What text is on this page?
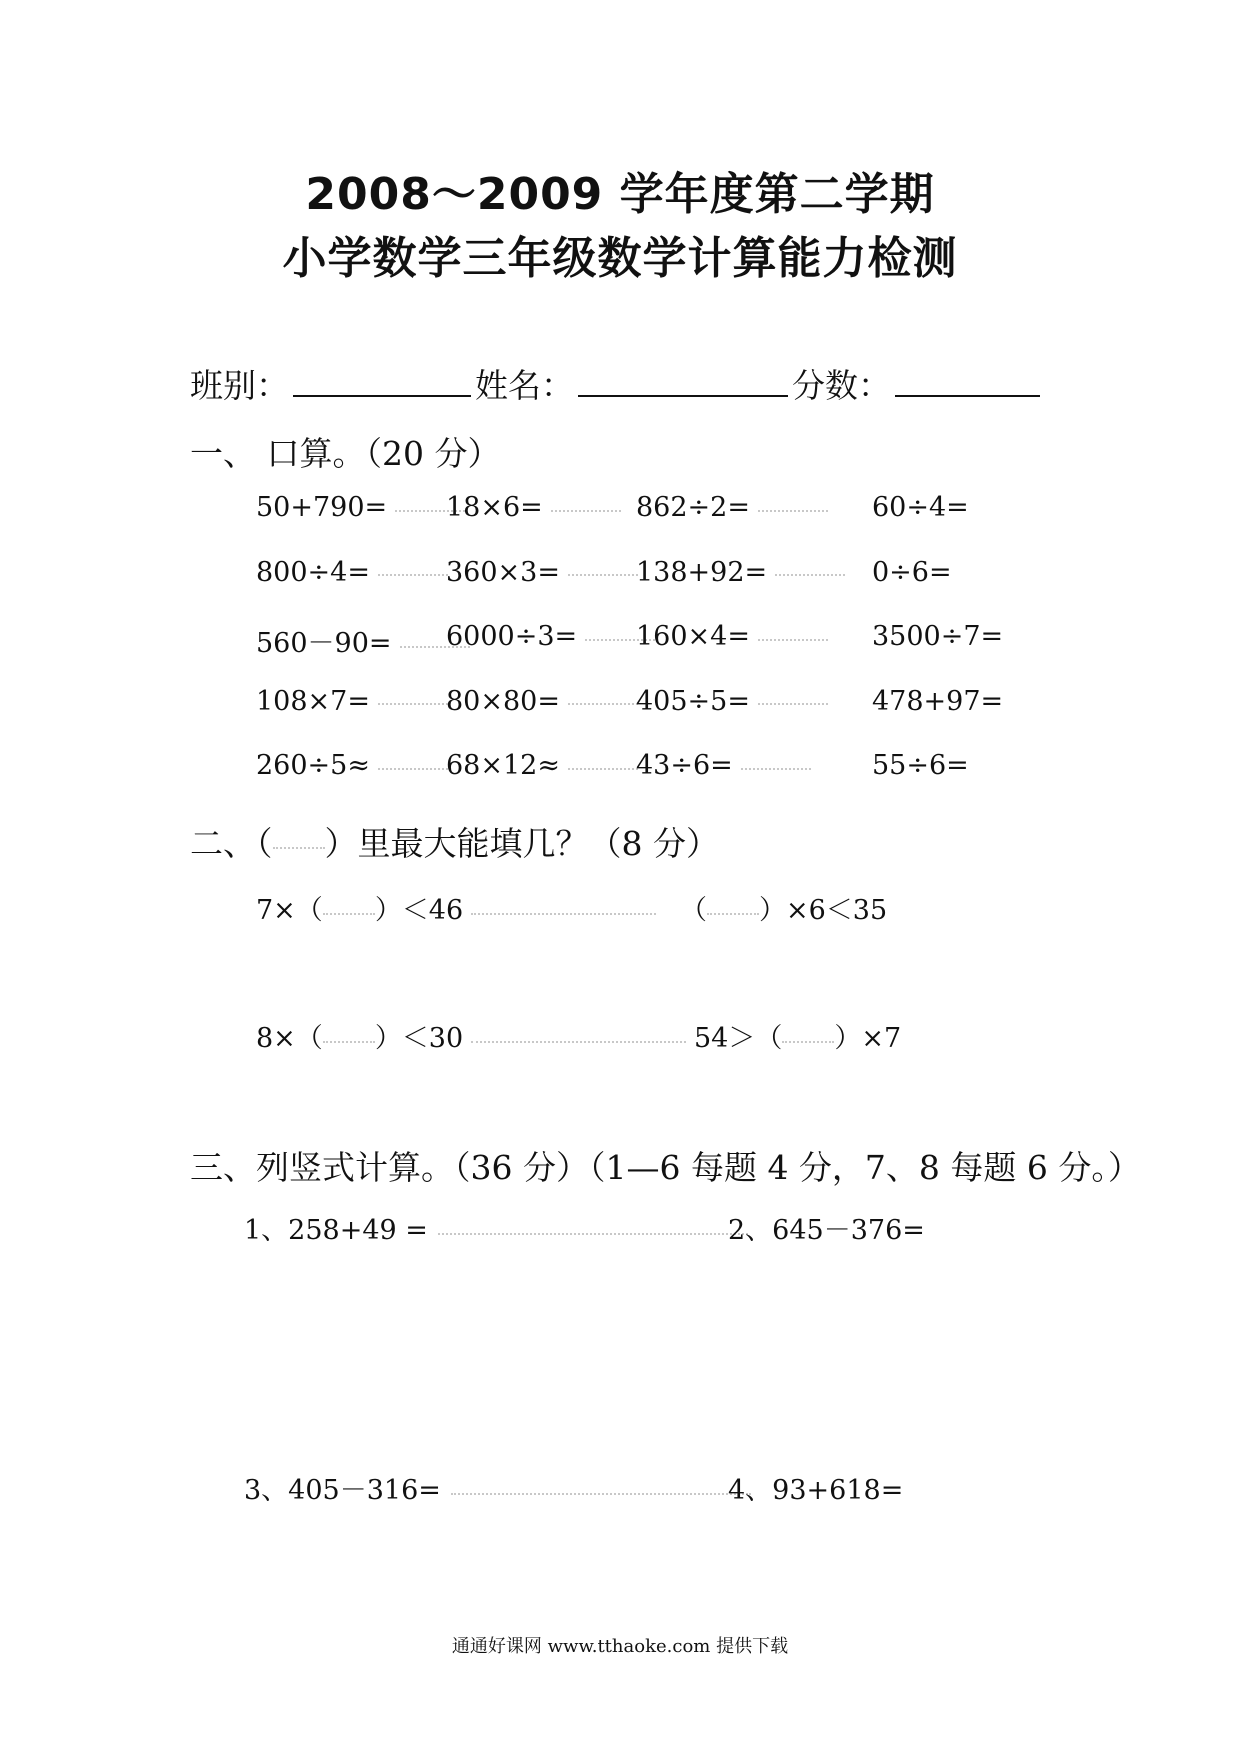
2008～2009 学年度第二学期
小学数学三年级数学计算能力检测
班别：	姓名：	分数：
一、 口算。（20 分）
50+790=	18×6=	862÷2=	60÷4=
800÷4=	360×3=	138+92=	0÷6=
560－90=	6000÷3=	160×4=	3500÷7=
108×7=	80×80=	405÷5=	478+97=
260÷5≈	68×12≈	43÷6=	55÷6=
二、（ ）里最大能填几？（8 分）
7×（ ）＜46	（ ）×6＜35
8×（ ）＜30	54＞（ ）×7
三、列竖式计算。（36 分）（1—6 每题 4 分，7、8 每题 6 分。）
1、258+49 =	2、645－376=
3、405－316=	4、93+618=
通通好课网 www.tthaoke.com 提供下载
